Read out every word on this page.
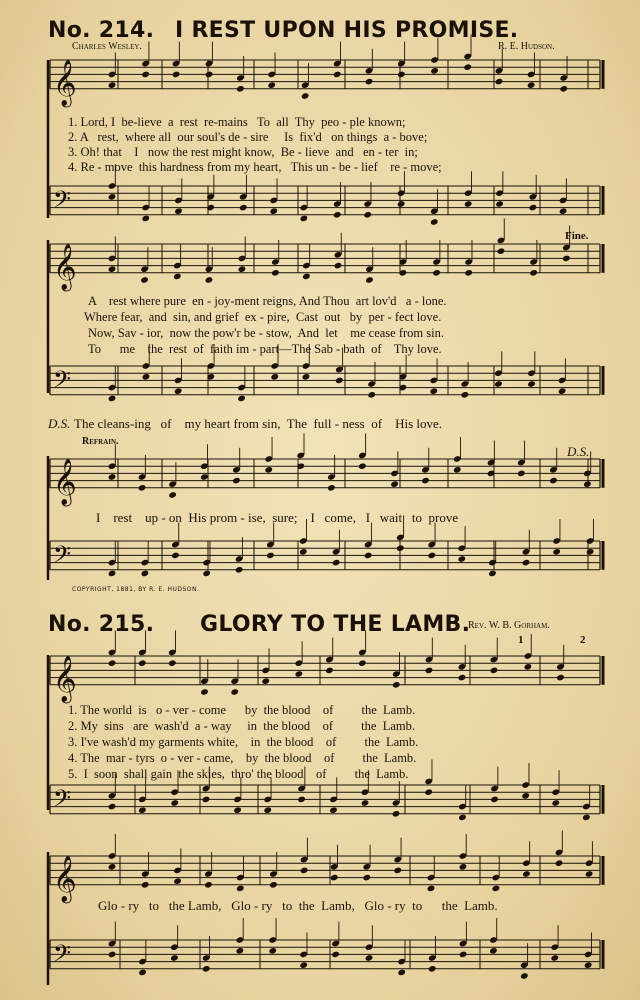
𝄞
𝄢
𝄞
𝄢
𝄞
𝄢
𝄞
𝄢
𝄞
𝄢
No. 214. I REST UPON HIS PROMISE.
Charles Wesley.	R. E. Hudson.
1. Lord, I  be-lieve  a  rest  re-mains   To  all  Thy  peo - ple known;
2. A   rest,  where all  our soul's de - sire     Is  fix'd   on things  a - bove;
3. Oh! that    I   now the rest might know,  Be - lieve  and   en - ter  in;
4. Re - move  this hardness from my heart,   This un - be - lief    re - move;
Fine.
A    rest where pure  en - joy-ment reigns, And Thou  art lov'd   a - lone.
Where fear,  and  sin, and grief  ex - pire,  Cast  out   by  per - fect love.
Now, Sav - ior,  now the pow'r be - stow,  And  let    me cease from sin.
To      me    the  rest  of  faith im - part—The Sab - bath  of    Thy love.
D.S. The cleans-ing   of    my heart from sin,  The  full - ness  of    His love.
Refrain.
D.S.
I    rest    up - on  His prom - ise,  sure;    I   come,   I   wait   to  prove
COPYRIGHT, 1881, BY R. E. HUDSON.
No. 215. GLORY TO THE LAMB.
Rev. W. B. Gorham.
1	2
1. The world  is   o - ver - come      by  the blood    of         the  Lamb.
2. My  sins   are  wash'd  a - way     in  the blood    of         the  Lamb.
3. I've wash'd my garments white,    in  the blood    of         the  Lamb.
4. The  mar - tyrs  o - ver - came,    by  the blood    of         the  Lamb.
5.  I  soon  shall gain  the skies,  thro' the blood    of         the  Lamb.
Glo - ry   to   the Lamb,   Glo - ry   to  the  Lamb,   Glo - ry  to      the  Lamb.
